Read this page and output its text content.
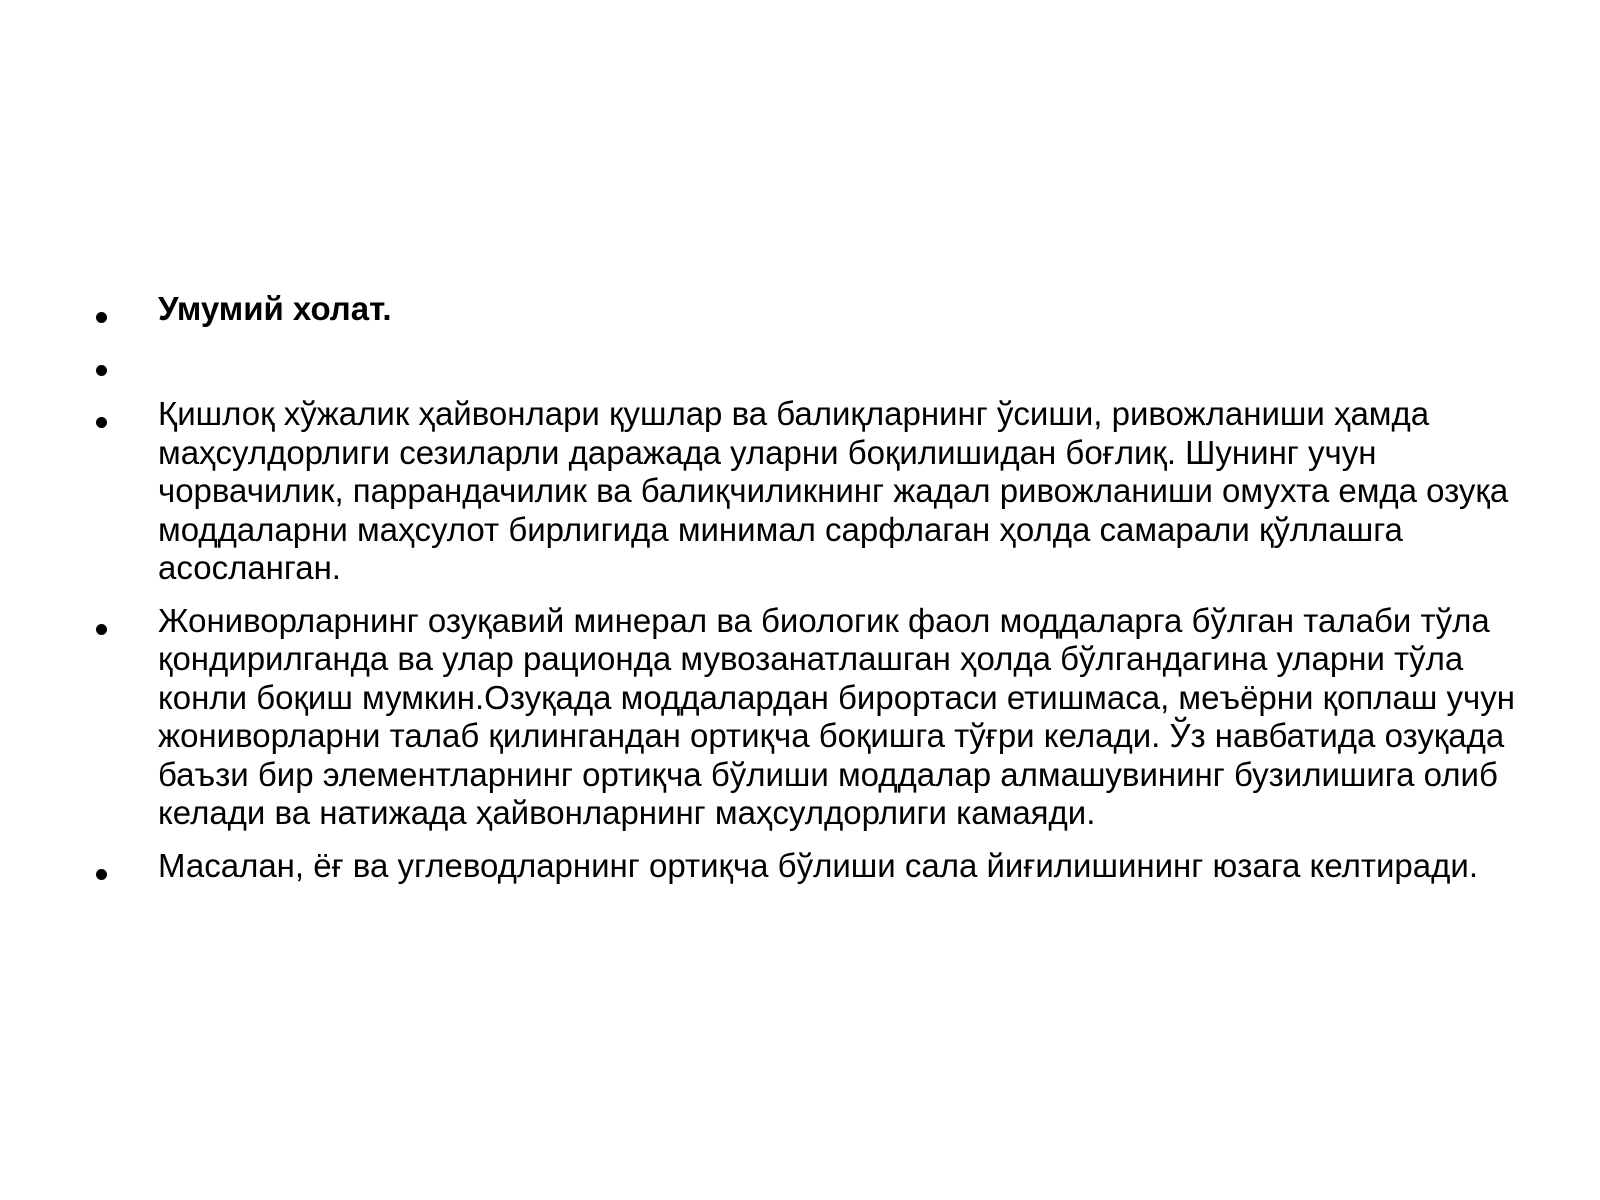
Умумий холат.
Қишлоқ хўжалик ҳайвонлари қушлар ва балиқларнинг ўсиши, ривожланиши ҳамда маҳсулдорлиги сезиларли даражада уларни боқилишидан боғлиқ. Шунинг учун чорвачилик, паррандачилик ва балиқчиликнинг жадал ривожланиши омухта емда озуқа моддаларни маҳсулот бирлигида минимал сарфлаган ҳолда самарали қўллашга асосланган.
Жониворларнинг озуқавий минерал ва биологик фаол моддаларга бўлган талаби тўла қондирилганда ва улар рационда мувозанатлашган ҳолда бўлгандагина уларни тўла конли боқиш мумкин.Озуқада моддалардан бирортаси етишмаса, меъёрни қоплаш учун жониворларни талаб қилингандан ортиқча боқишга тўғри келади. Ўз навбатида озуқада баъзи бир элементларнинг ортиқча бўлиши моддалар алмашувининг бузилишига олиб келади ва натижада ҳайвонларнинг маҳсулдорлиги камаяди.
Масалан, ёғ ва углеводларнинг ортиқча бўлиши сала йиғилишининг юзага келтиради.
